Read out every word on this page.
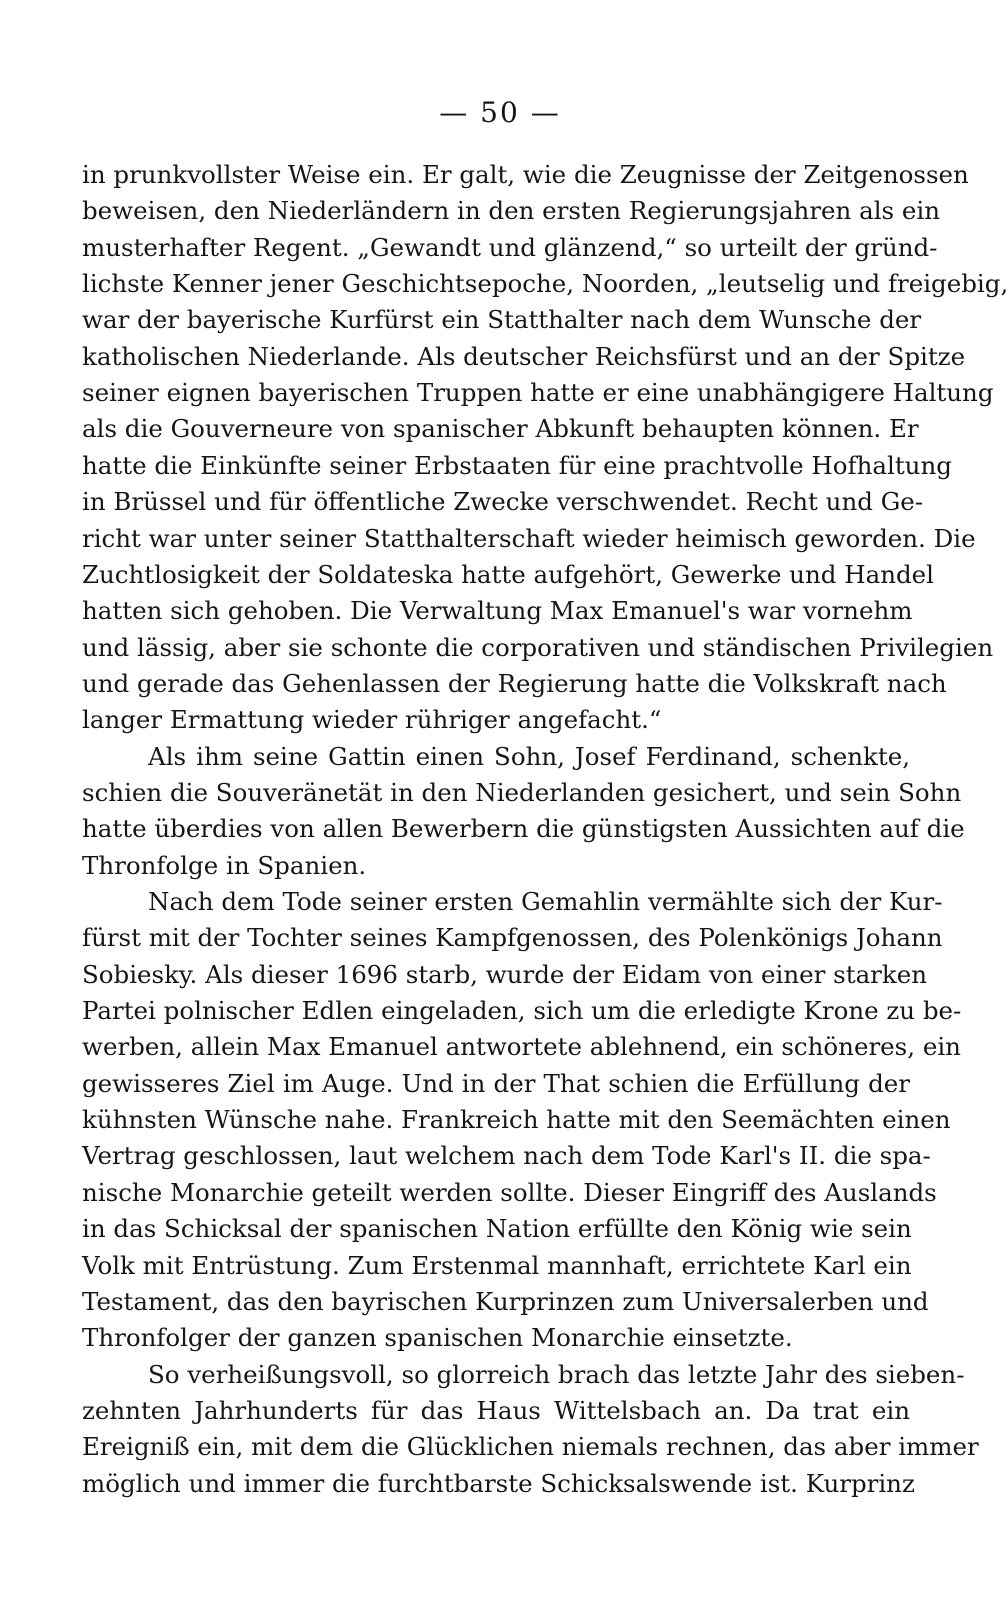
— 50 —
in prunkvollster Weise ein. Er galt, wie die Zeugnisse der Zeitgenossen
beweisen, den Niederländern in den ersten Regierungsjahren als ein
musterhafter Regent. „Gewandt und glänzend,“ so urteilt der gründ-
lichste Kenner jener Geschichtsepoche, Noorden, „leutselig und freigebig,
war der bayerische Kurfürst ein Statthalter nach dem Wunsche der
katholischen Niederlande. Als deutscher Reichsfürst und an der Spitze
seiner eignen bayerischen Truppen hatte er eine unabhängigere Haltung
als die Gouverneure von spanischer Abkunft behaupten können. Er
hatte die Einkünfte seiner Erbstaaten für eine prachtvolle Hofhaltung
in Brüssel und für öffentliche Zwecke verschwendet. Recht und Ge-
richt war unter seiner Statthalterschaft wieder heimisch geworden. Die
Zuchtlosigkeit der Soldateska hatte aufgehört, Gewerke und Handel
hatten sich gehoben. Die Verwaltung Max Emanuel's war vornehm
und lässig, aber sie schonte die corporativen und ständischen Privilegien
und gerade das Gehenlassen der Regierung hatte die Volkskraft nach
langer Ermattung wieder rühriger angefacht.“
Als ihm seine Gattin einen Sohn, Josef Ferdinand, schenkte,
schien die Souveränetät in den Niederlanden gesichert, und sein Sohn
hatte überdies von allen Bewerbern die günstigsten Aussichten auf die
Thronfolge in Spanien.
Nach dem Tode seiner ersten Gemahlin vermählte sich der Kur-
fürst mit der Tochter seines Kampfgenossen, des Polenkönigs Johann
Sobiesky. Als dieser 1696 starb, wurde der Eidam von einer starken
Partei polnischer Edlen eingeladen, sich um die erledigte Krone zu be-
werben, allein Max Emanuel antwortete ablehnend, ein schöneres, ein
gewisseres Ziel im Auge. Und in der That schien die Erfüllung der
kühnsten Wünsche nahe. Frankreich hatte mit den Seemächten einen
Vertrag geschlossen, laut welchem nach dem Tode Karl's II. die spa-
nische Monarchie geteilt werden sollte. Dieser Eingriff des Auslands
in das Schicksal der spanischen Nation erfüllte den König wie sein
Volk mit Entrüstung. Zum Erstenmal mannhaft, errichtete Karl ein
Testament, das den bayrischen Kurprinzen zum Universalerben und
Thronfolger der ganzen spanischen Monarchie einsetzte.
So verheißungsvoll, so glorreich brach das letzte Jahr des sieben-
zehnten Jahrhunderts für das Haus Wittelsbach an. Da trat ein
Ereigniß ein, mit dem die Glücklichen niemals rechnen, das aber immer
möglich und immer die furchtbarste Schicksalswende ist. Kurprinz
